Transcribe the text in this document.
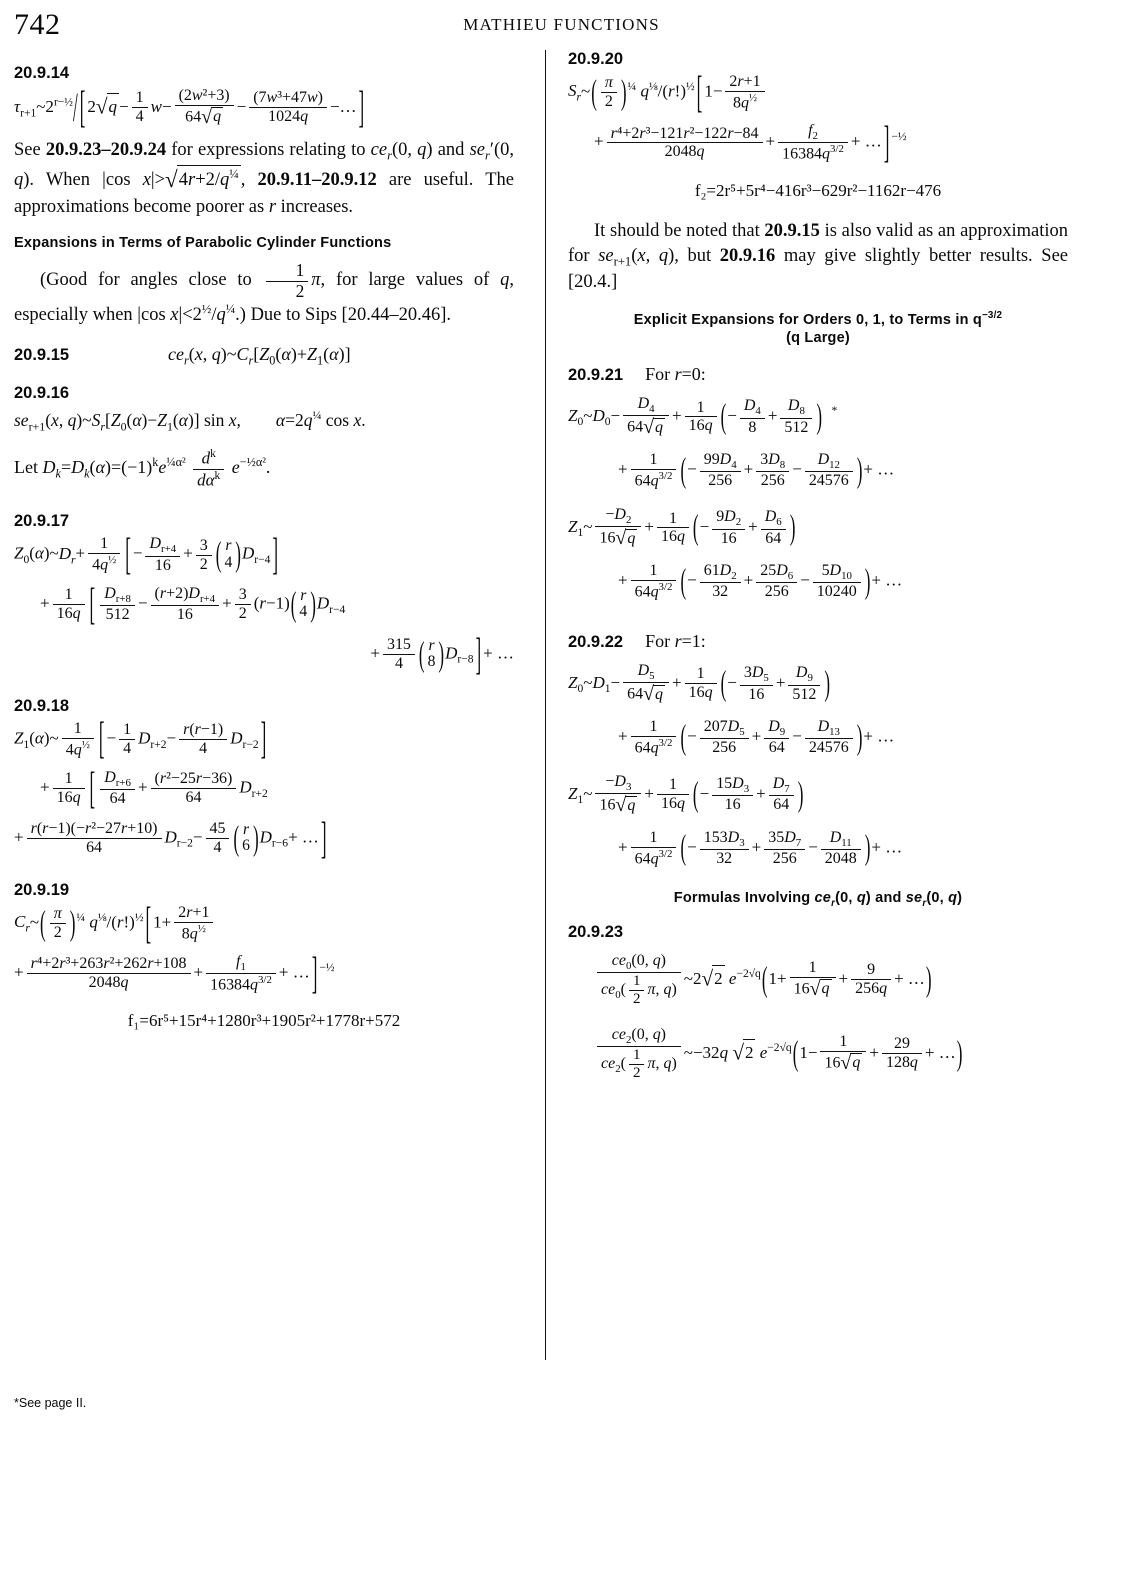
742	MATHIEU FUNCTIONS
20.9.14
$\tau_{r+1}\sim 2^{r-\frac{1}{2}}/$ [ $2√q - \frac{1}{4} w- \frac{\text{(2w²+3)}}{64√q} - \frac{\text{(7w³+47w)}}{1024q}$ −… ]
See 20.9.23–20.9.24 for expressions relating to $ce_r(0$, q) and $se_r'(0$, q). When |cos $x|>√4r+2/q^{\frac{1}{4}}$ , 20.9.11–20.9.12 are useful. The approximations become poorer as r increases.
Expansions in Terms of Parabolic Cylinder Functions
(Good for angles close to $\frac{1}{2} \pi$, for large values of q, especially when |cos $x|<2^{\frac{1}{2}}/q^{\frac{1}{4}}$.) Due to Sips [20.44–20.46].
20.9.15	$ce_r(x$, $q)\sim C_r[Z_0(\alpha)+Z_1(\alpha)]$
20.9.16
$se_{r+1}(x$, $q)\sim S_r[Z_0(\alpha)-Z_1(\alpha)]$ sin x,        $\alpha=2q^{\frac{1}{4}}$ cos x.
Let $D_k=D_k(\alpha)=(-1)^ke^{\frac{1}{4}\alpha^2} \frac{d^k}{d\alpha^k} e^{-\frac{1}{2}\alpha^2}$.
20.9.17
$Z_0(\alpha)\sim D_r+ \frac{1}{4q^{\frac{1}{2}}}$ [ − $\frac{D_{r+4}}{16} + \frac{3}{2}$ ( r
4 )$D_{r-4}$ ]
+ $\frac{1}{16q}$ [ $\frac{D_{r+8}}{512} - \frac{(r+2)D_{r+4}}{16} + \frac{3}{2} (r-1)$( r
4 )$D_{r-4}$
+ $\frac{315}{4}$ ( r
8 )$D_{r-8}$ ] + …
20.9.18
$Z_1(\alpha)\sim \frac{1}{4q^{\frac{1}{2}}}$ [ − $\frac{1}{4} D_{r+2}- \frac{r(r-1)}{4} D_{r-2}$ ]
+ $\frac{1}{16q}$ [ $\frac{D_{r+6}}{64} + \frac{\text{(r²−25r−36)}}{64} D_{r+2}$
+ $\frac{\text{r(r−1)(−r²−27r+10)}}{64} D_{r-2}- \frac{45}{4}$ ( r
6 )$D_{r-6}+$ … ]
20.9.19
$C_r\sim( \frac{\pi}{2} )^{\frac{1}{4}}$ $q^{\frac{1}{8}}/(r!)^{\frac{1}{2}}$ [ $1+ \frac{2r+1}{8q^{\frac{1}{2}}}$
+ $\frac{\text{r⁴+2r³+263r²+262r+108}}{2048q} + \frac{f_1}{16384q^{3/2}}$ + … ] $^{-\frac{1}{2}}$
f₁=6r⁵+15r⁴+1280r³+1905r²+1778r+572
20.9.20
$S_r\sim( \frac{\pi}{2} )^{\frac{1}{4}}$ $q^{\frac{1}{8}}/(r!)^{\frac{1}{2}}$ [ $1- \frac{2r+1}{8q^{\frac{1}{2}}}$
+ $\frac{\text{r⁴+2r³−121r²−122r−84}}{2048q} + \frac{f_2}{16384q^{3/2}}$ + … ] $^{-\frac{1}{2}}$
f₂=2r⁵+5r⁴−416r³−629r²−1162r−476
It should be noted that 20.9.15 is also valid as an approximation for $se_{r+1}(x$, q), but 20.9.16 may give slightly better results. See [20.4.]
Explicit Expansions for Orders 0, 1, to Terms in $q^{-3/2}$
(q Large)
20.9.21 For r=0:
$Z_0\sim D_0- \frac{D_4}{64√q} + \frac{1}{16q}$ (− $\frac{D_4}{8} + \frac{D_8}{512}$ ) *
+ $\frac{1}{64q^{3/2}}$ (− $\frac{99D_4}{256} + \frac{3D_8}{256} - \frac{D_{12}}{24576}$ )+ …
$Z_1\sim \frac{-D_2}{16√q} + \frac{1}{16q}$ (− $\frac{9D_2}{16} + \frac{D_6}{64}$ )
+ $\frac{1}{64q^{3/2}}$ (− $\frac{61D_2}{32} + \frac{25D_6}{256} - \frac{5D_{10}}{10240}$ )+ …
20.9.22 For r=1:
$Z_0\sim D_1- \frac{D_5}{64√q} + \frac{1}{16q}$ (− $\frac{3D_5}{16} + \frac{D_9}{512}$ )
+ $\frac{1}{64q^{3/2}}$ (− $\frac{207D_5}{256} + \frac{D_9}{64} - \frac{D_{13}}{24576}$ )+ …
$Z_1\sim \frac{-D_3}{16√q} + \frac{1}{16q}$ (− $\frac{15D_3}{16} + \frac{D_7}{64}$ )
+ $\frac{1}{64q^{3/2}}$ (− $\frac{153D_3}{32} + \frac{35D_7}{256} - \frac{D_{11}}{2048}$ )+ …
Formulas Involving $ce_r(0$, q) and $se_r(0$, q)
20.9.23
$\frac{ce_0(0, q)}{ce_0( \frac{1}{2} \pi, q)}$ ~2√2 $e^{-2√q}(1+ \frac{1}{16√q} + \frac{9}{256q}$ + …)
$\frac{ce_2(0, q)}{ce_2( \frac{1}{2} \pi, q)}$ ~−32q √2 $e^{-2√q}(1- \frac{1}{16√q} + \frac{29}{128q}$ + …)
*See page II.
